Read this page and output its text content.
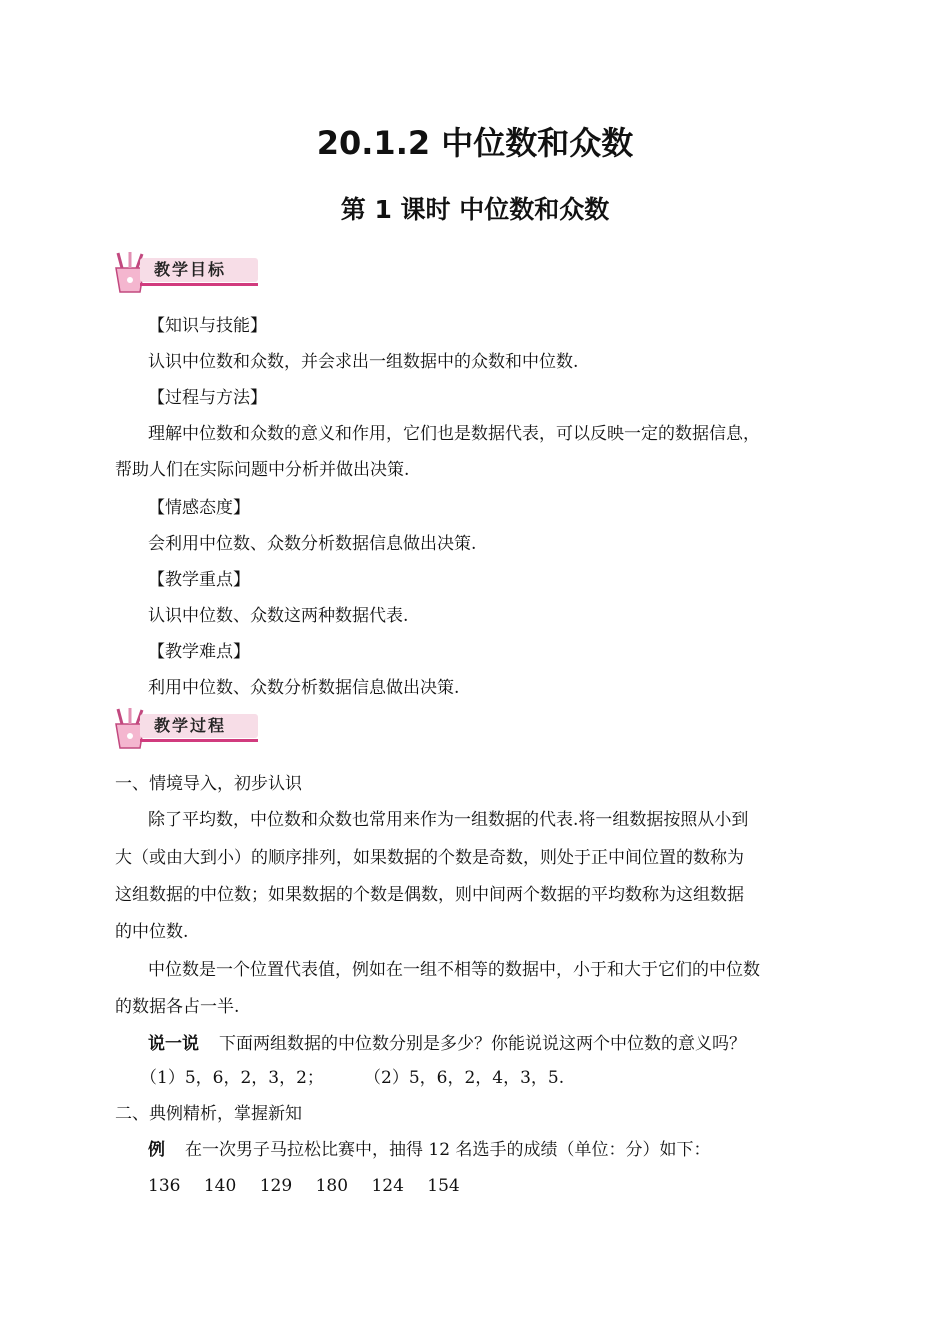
20.1.2 中位数和众数
第 1 课时 中位数和众数
教学目标
【知识与技能】
认识中位数和众数，并会求出一组数据中的众数和中位数.
【过程与方法】
理解中位数和众数的意义和作用，它们也是数据代表，可以反映一定的数据信息，
帮助人们在实际问题中分析并做出决策.
【情感态度】
会利用中位数、众数分析数据信息做出决策.
【教学重点】
认识中位数、众数这两种数据代表.
【教学难点】
利用中位数、众数分析数据信息做出决策.
教学过程
一、情境导入，初步认识
除了平均数，中位数和众数也常用来作为一组数据的代表.将一组数据按照从小到
大（或由大到小）的顺序排列，如果数据的个数是奇数，则处于正中间位置的数称为
这组数据的中位数；如果数据的个数是偶数，则中间两个数据的平均数称为这组数据
的中位数.
中位数是一个位置代表值，例如在一组不相等的数据中，小于和大于它们的中位数
的数据各占一半.
说一说 下面两组数据的中位数分别是多少？你能说说这两个中位数的意义吗？
（1）5，6，2，3，2； （2）5，6，2，4，3，5.
二、典例精析，掌握新知
例 在一次男子马拉松比赛中，抽得 12 名选手的成绩（单位：分）如下：
136 140 129 180 124 154
